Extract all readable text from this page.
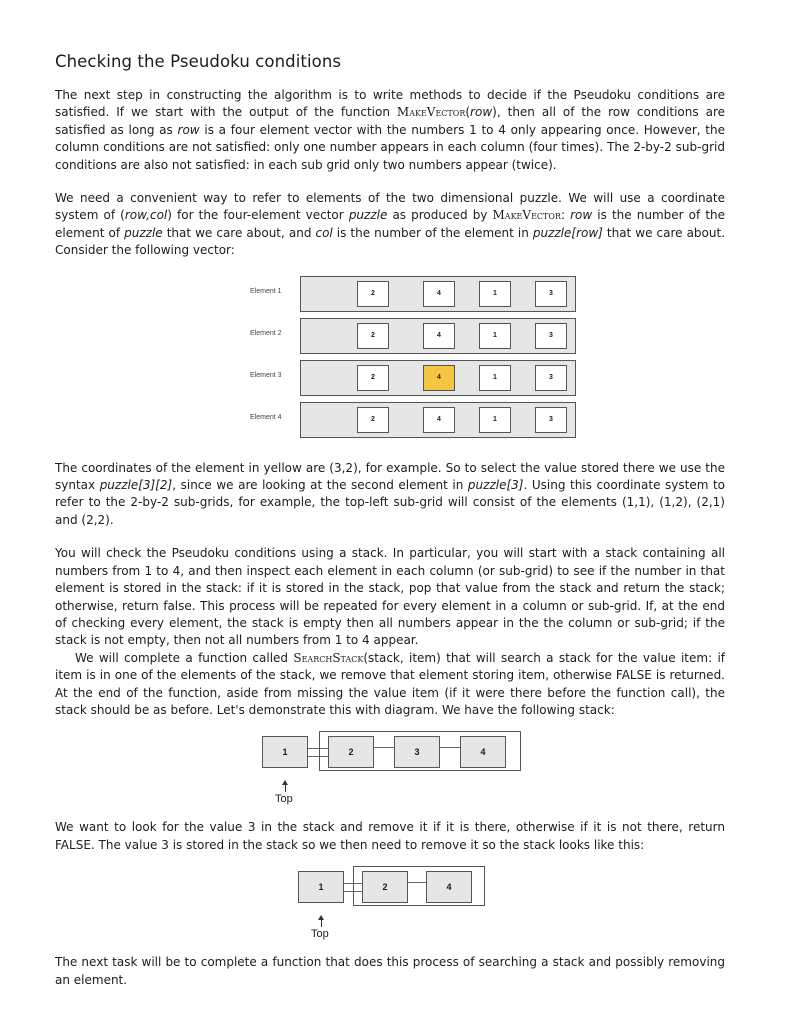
Checking the Pseudoku conditions

The next step in constructing the algorithm is to write methods to decide if the Pseudoku conditions are satisfied. If we start with the output of the function MakeVector(row), then all of the row conditions are satisfied as long as row is a four element vector with the numbers 1 to 4 only appearing once. However, the column conditions are not satisfied: only one number appears in each column (four times). The 2-by-2 sub-grid conditions are also not satisfied: in each sub grid only two numbers appear (twice).

We need a convenient way to refer to elements of the two dimensional puzzle. We will use a coordinate system of (row,col) for the four-element vector puzzle as produced by MakeVector: row is the number of the element of puzzle that we care about, and col is the number of the element in puzzle[row] that we care about. Consider the following vector:

Element 1	2	4	1	3
Element 2	2	4	1	3
Element 3	2	4	1	3
Element 4	2	4	1	3

The coordinates of the element in yellow are (3,2), for example. So to select the value stored there we use the syntax puzzle[3][2], since we are looking at the second element in puzzle[3]. Using this coordinate system to refer to the 2-by-2 sub-grids, for example, the top-left sub-grid will consist of the elements (1,1), (1,2), (2,1) and (2,2).

You will check the Pseudoku conditions using a stack. In particular, you will start with a stack containing all numbers from 1 to 4, and then inspect each element in each column (or sub-grid) to see if the number in that element is stored in the stack: if it is stored in the stack, pop that value from the stack and return the stack; otherwise, return false. This process will be repeated for every element in a column or sub-grid. If, at the end of checking every element, the stack is empty then all numbers appear in the the column or sub-grid; if the stack is not empty, then not all numbers from 1 to 4 appear.

We will complete a function called SearchStack(stack, item) that will search a stack for the value item: if item is in one of the elements of the stack, we remove that element storing item, otherwise FALSE is returned. At the end of the function, aside from missing the value item (if it were there before the function call), the stack should be as before. Let's demonstrate this with diagram. We have the following stack:

1	2	3	4
Top

We want to look for the value 3 in the stack and remove it if it is there, otherwise if it is not there, return FALSE. The value 3 is stored in the stack so we then need to remove it so the stack looks like this:

1	2	4
Top

The next task will be to complete a function that does this process of searching a stack and possibly removing an element.
